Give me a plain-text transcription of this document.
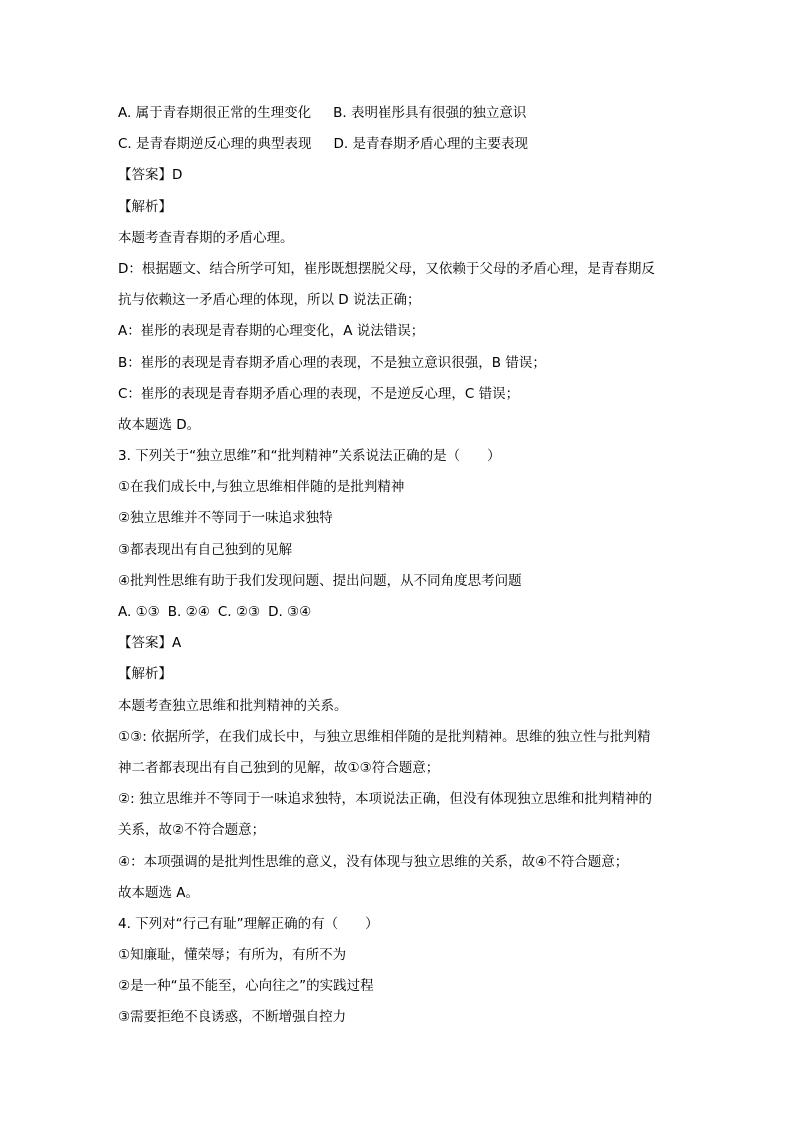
A. 属于青春期很正常的生理变化 B. 表明崔彤具有很强的独立意识
C. 是青春期逆反心理的典型表现 D. 是青春期矛盾心理的主要表现
【答案】D
【解析】
本题考查青春期的矛盾心理。
D：根据题文、结合所学可知，崔彤既想摆脱父母，又依赖于父母的矛盾心理，是青春期反
抗与依赖这一矛盾心理的体现，所以 D 说法正确；
A：崔彤的表现是青春期的心理变化，A 说法错误；
B：崔彤的表现是青春期矛盾心理的表现，不是独立意识很强，B 错误；
C：崔彤的表现是青春期矛盾心理的表现，不是逆反心理，C 错误；
故本题选 D。
3. 下列关于“独立思维”和“批判精神”关系说法正确的是（　　）
①在我们成长中,与独立思维相伴随的是批判精神
②独立思维并不等同于一味追求独特
③都表现出有自己独到的见解
④批判性思维有助于我们发现问题、提出问题，从不同角度思考问题
A. ①③ B. ②④ C. ②③ D. ③④
【答案】A
【解析】
本题考查独立思维和批判精神的关系。
①③: 依据所学，在我们成长中，与独立思维相伴随的是批判精神。思维的独立性与批判精
神二者都表现出有自己独到的见解，故①③符合题意；
②: 独立思维并不等同于一味追求独特，本项说法正确，但没有体现独立思维和批判精神的
关系，故②不符合题意；
④：本项强调的是批判性思维的意义，没有体现与独立思维的关系，故④不符合题意；
故本题选 A。
4. 下列对“行己有耻”理解正确的有（　　）
①知廉耻，懂荣辱；有所为，有所不为
②是一种“虽不能至，心向往之”的实践过程
③需要拒绝不良诱惑，不断增强自控力
